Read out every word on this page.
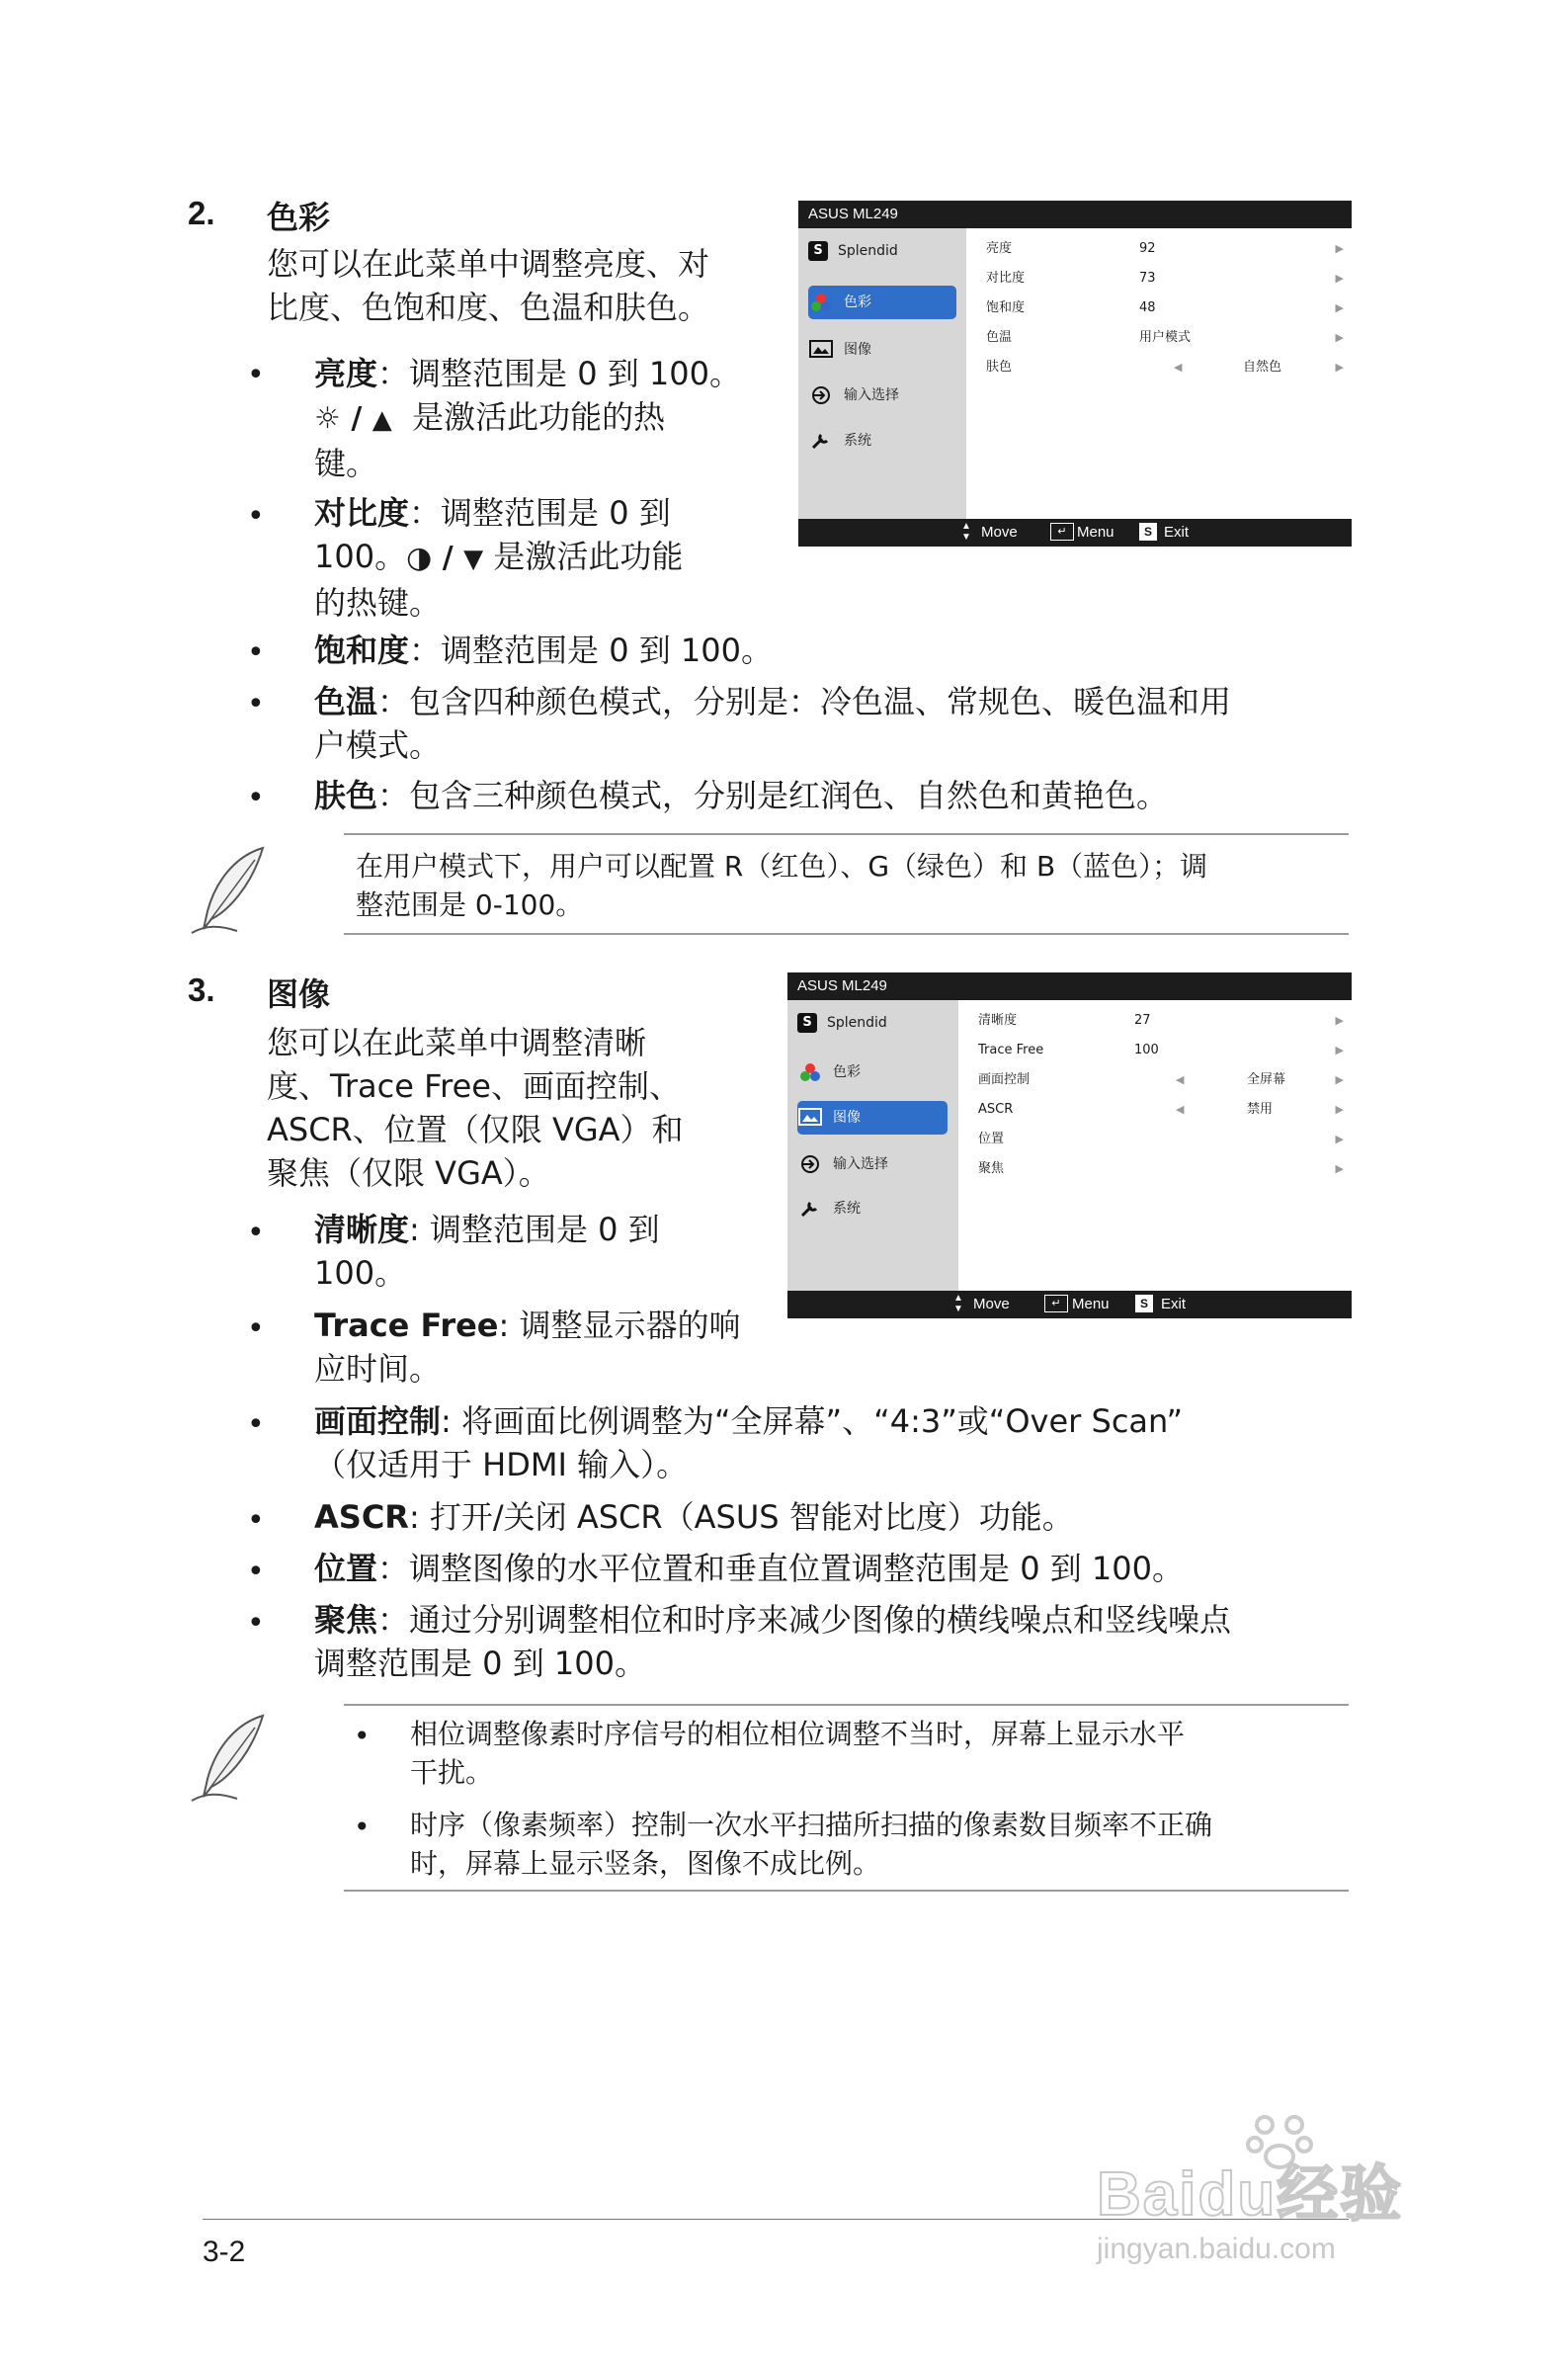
2. 色彩
您可以在此菜单中调整亮度、对
比度、色饱和度、色温和肤色。
• 亮度：调整范围是 0 到 100。
☼ / ▲ 是激活此功能的热
键。
• 对比度：调整范围是 0 到
100。◑ / ▼ 是激活此功能
的热键。
• 饱和度：调整范围是 0 到 100。
• 色温：包含四种颜色模式，分别是：冷色温、常规色、暖色温和用
户模式。
• 肤色：包含三种颜色模式，分别是红润色、自然色和黄艳色。
在用户模式下，用户可以配置 R（红色）、G（绿色）和 B（蓝色）；调
整范围是 0-100。
ASUS ML249
亮度	92	▶
对比度	73	▶
饱和度	48	▶
色温	用户模式	▶
肤色	◀	自然色	▶
S Splendid
色彩
图像
输入选择
系统
▲
▼ Move	↵ Menu	S Exit
3. 图像
您可以在此菜单中调整清晰
度、Trace Free、画面控制、
ASCR、位置（仅限 VGA）和
聚焦（仅限 VGA）。
• 清晰度: 调整范围是 0 到
100。
• Trace Free: 调整显示器的响
应时间。
• 画面控制: 将画面比例调整为“全屏幕”、“4:3”或“Over Scan”
（仅适用于 HDMI 输入）。
• ASCR: 打开/关闭 ASCR（ASUS 智能对比度）功能。
• 位置：调整图像的水平位置和垂直位置调整范围是 0 到 100。
• 聚焦：通过分别调整相位和时序来减少图像的横线噪点和竖线噪点
调整范围是 0 到 100。
• 相位调整像素时序信号的相位相位调整不当时，屏幕上显示水平
干扰。
• 时序（像素频率）控制一次水平扫描所扫描的像素数目频率不正确
时，屏幕上显示竖条，图像不成比例。
ASUS ML249
清晰度	27	▶
Trace Free	100	▶
画面控制	◀	全屏幕	▶
ASCR	◀	禁用	▶
位置	▶
聚焦	▶
S Splendid
色彩
图像
输入选择
系统
▲
▼ Move	↵ Menu	S Exit
3-2
Baidu经验
jingyan.baidu.com
